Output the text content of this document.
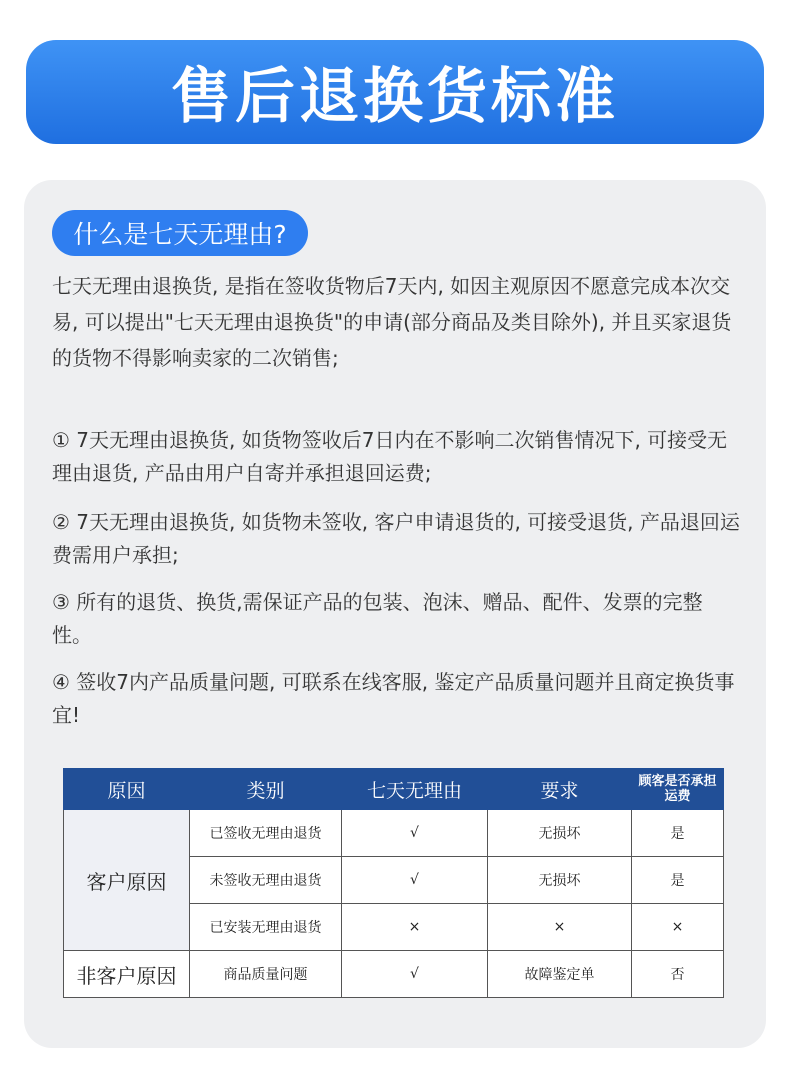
售后退换货标准
什么是七天无理由?

七天无理由退换货, 是指在签收货物后7天内, 如因主观原因不愿意完成本次交易, 可以提出"七天无理由退换货"的申请(部分商品及类目除外), 并且买家退货的货物不得影响卖家的二次销售;

① 7天无理由退换货, 如货物签收后7日内在不影响二次销售情况下, 可接受无理由退货, 产品由用户自寄并承担退回运费;

② 7天无理由退换货, 如货物未签收, 客户申请退货的, 可接受退货, 产品退回运费需用户承担;

③ 所有的退货、换货,需保证产品的包装、泡沫、赠品、配件、发票的完整性。

④ 签收7内产品质量问题, 可联系在线客服, 鉴定产品质量问题并且商定换货事宜!

原因	类别	七天无理由	要求	顾客是否承担运费
客户原因	已签收无理由退货	√	无损坏	是
	未签收无理由退货	√	无损坏	是
	已安装无理由退货	×	×	×
非客户原因	商品质量问题	√	故障鉴定单	否
